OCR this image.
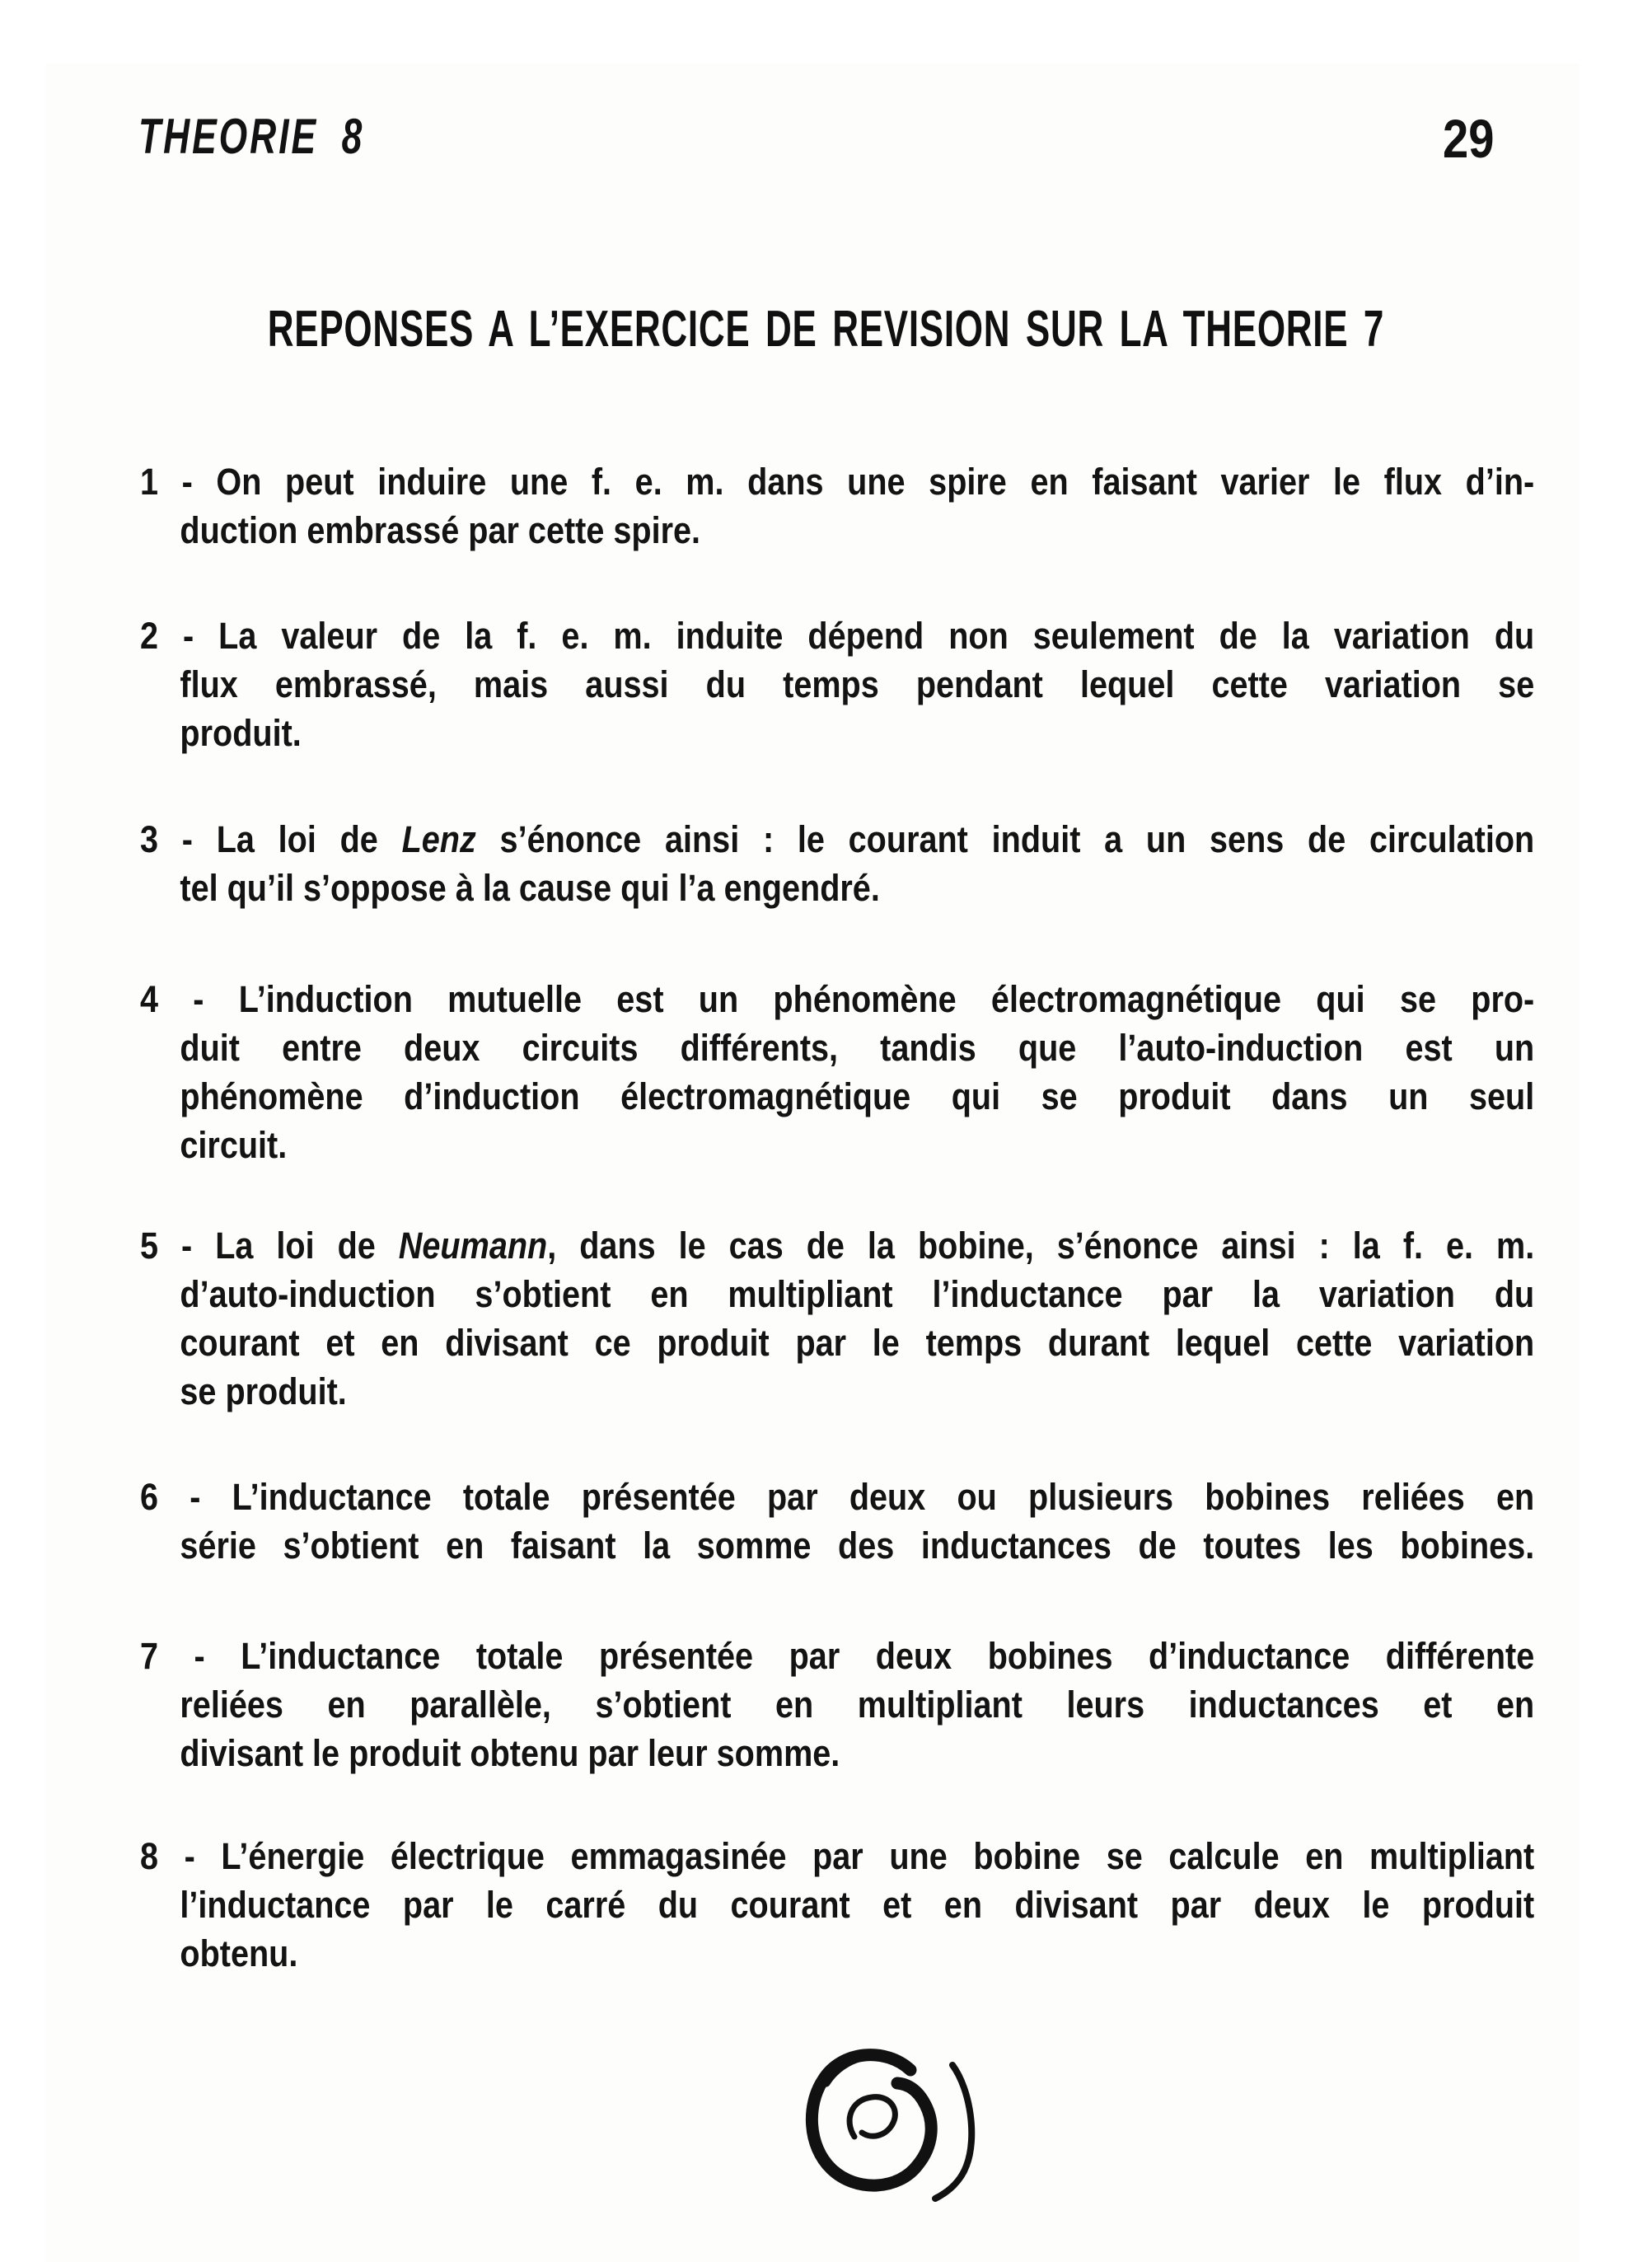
THEORIE 8	29
REPONSES A L’EXERCICE DE REVISION SUR LA THEORIE 7
1 - On peut induire une f. e. m. dans une spire en faisant varier le flux d’in-
duction embrassé par cette spire.
2 - La valeur de la f. e. m. induite dépend non seulement de la variation du
flux embrassé, mais aussi du temps pendant lequel cette variation se
produit.
3 - La loi de Lenz s’énonce ainsi : le courant induit a un sens de circulation
tel qu’il s’oppose à la cause qui l’a engendré.
4 - L’induction mutuelle est un phénomène électromagnétique qui se pro-
duit entre deux circuits différents, tandis que l’auto-induction est un
phénomène d’induction électromagnétique qui se produit dans un seul
circuit.
5 - La loi de Neumann, dans le cas de la bobine, s’énonce ainsi : la f. e. m.
d’auto-induction s’obtient en multipliant l’inductance par la variation du
courant et en divisant ce produit par le temps durant lequel cette variation
se produit.
6 - L’inductance totale présentée par deux ou plusieurs bobines reliées en
série s’obtient en faisant la somme des inductances de toutes les bobines.
7 - L’inductance totale présentée par deux bobines d’inductance différente
reliées en parallèle, s’obtient en multipliant leurs inductances et en
divisant le produit obtenu par leur somme.
8 - L’énergie électrique emmagasinée par une bobine se calcule en multipliant
l’inductance par le carré du courant et en divisant par deux le produit
obtenu.
